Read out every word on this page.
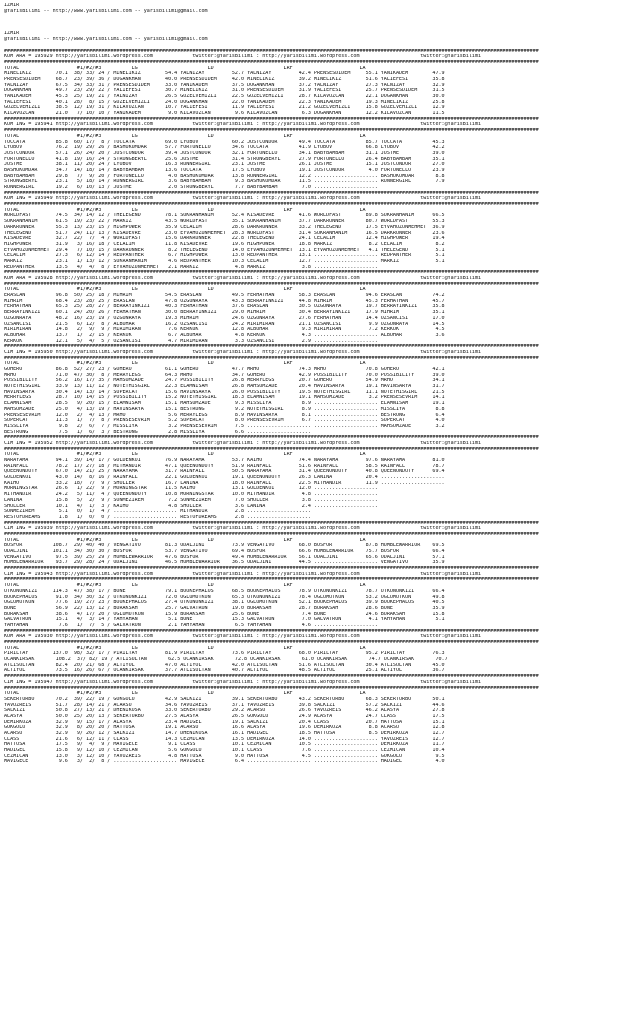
IZMIR
@YarisBilimi -- http://www.yarisbilimi.com -- yarisbilimi@gmail.com

IZMIR
@YarisBilimi -- http://www.yarisbilimi.com -- yarisbilimi@gmail.com

################################################################################################################################################################################
KUM ARA = 195929 http://yarisbilimi.wordpress.com             twitter:@YarisBilimi : http://yarisbilimi.wordpress.com                    twitter:@YarisBilimi
################################################################################################################################################################################
TOTAL                   #1/#2/#3          LG                       LD                       LRF                      LA
MINELIKIZ        70.1  38/ 33/ 24 / MINELIKIZ        54.4 YALNIZAY         52.7 YALNIZAY         42.4 PRENSESDIDEM     55.1 YANIKADEM        47.9
PRENSESDIDEM     68.7  23/ 39/ 36 / DOGANKHAN        40.0 PRENSESDIDEM     42.0 MINELIKIZ        39.2 MINELIKIZ        51.6 YALIEFESI        35.8
YALNIZAY         67.5  34/ 33/ 31 / PRENSESDIDEM     33.0 YANIKADEM        37.5 DOGANKHAN        37.2 YALNIZAY         27.3 YALNIZAY         32.9
DOGANKHAN        49.7  23/ 29/ 22 / YALIEFESI        30.7 MINELIKIZ        31.0 PRENSESDIDEM     31.9 YALIEFESI        25.7 PRENSESDIDEM     31.5
YANIKADEM        45.3  25/ 19/ 21 / YALNIZAY         26.5 GUZELVEHIZLI     22.5 GUZELVEHIZLI     28.7 KILAVUZCAN       22.1 DOGANKHAN        30.0
YALIEFESI        40.1  28/  8/ 15 / GUZELVEHIZLI     24.0 DOGANKHAN        22.0 YANIKADEM        22.3 YANIKADEM        19.3 MINELIKIZ        25.8
GUZELVEHIZLI     38.5  12/ 19/ 31 / KILAVUZCAN       10.7 YALIEFESI        11.9 YALIEFESI        21.2 GUZELVEHIZLI     15.8 GUZELVEHIZLI     12.9
KILAVUZCAN       21.0   7/ 10/ 10 / YANIKADEM         9.0 KILAVUZCAN        9.6 KILAVUZCAN        6.3 DOGANKHAN        12.2 KILAVUZCAN       11.5
################################################################################################################################################################################
KUM ING = 195941 http://yarisbilimi.wordpress.com             twitter:@YarisBilimi : http://yarisbilimi.wordpress.com                    twitter:@YarisBilimi
################################################################################################################################################################################
TOTAL                   #1/#2/#3          LG                       LD                       LRF                      LA
TOCCATA          85.8  60/ 17/  8 / TOCCATA          69.0 LYUBOV           60.2 JUSTCONDOR       49.4 TOCCATA          85.7 TOCCATA          45.3
LYUBOV           76.2  19/ 29/ 26 / BASHUKUMDAR      57.7 FORTUNELLO       34.6 TOCCATA          41.9 LYUBOV           66.8 LYUBOV           42.2
JUSTCONDOR       57.1  26/ 24/ 20 / JUSTCONDOR       39.4 JUSTCONDOR       32.1 FORTUNELLO       34.1 BABYBAMBAM       31.1 JUSTME           39.0
FORTUNELLO       41.8  19/ 16/ 24 / STRONGBERYL      25.6 JUSTME           31.4 STRONGBERYL      27.9 FORTUNELLO       26.4 BABYBAMBAM       35.1
JUSTME           38.1  11/ 20/ 24 / LYUBOV           16.3 RUNNERGIRL       23.1 JUSTME           26.1 JUSTME           15.1 JUSTCONDOR       27.0
BASHUKUMDAR      34.7  14/ 18/ 14 / BABYBAMBAM       13.6 TOCCATA          17.5 LYUBOV           19.1 JUSTCONDOR        4.0 FORTUNELLO       23.9
BABYBAMBAM       29.8   7/  9/ 20 / FORTUNELLO        4.0 BASHUKUMDAR      13.8 RUNNERGIRL       12.2 ..................... BASHUKUMDAR       8.8
STRONGBERYL      23.1   5/ 18/ 14 / RUNNERGIRL        3.6 BABYBAMBAM        9.3 BASHUKUMDAR      11.5 ..................... RUNNERGIRL        7.9
RUNNERGIRL       19.2   6/ 10/ 13 / JUSTME            2.0 STRONGBERYL       7.7 BABYBAMBAM        7.0 .....................
################################################################################################################################################################################
KUM ING = 195949 http://yarisbilimi.wordpress.com             twitter:@YarisBilimi : http://yarisbilimi.wordpress.com                    twitter:@YarisBilimi
################################################################################################################################################################################
TOTAL                   #1/#2/#3          LG                       LD                       LRF                      LA
WORLDFAST        74.5  34/ 14/ 12 / THELEGEND        78.1 SUKRANHANIM      52.4 KISADEVRE        41.6 WORLDFAST        89.8 SUKRANHANIM      66.5
SUKRANHANIM      61.5  19/ 23/ 22 / MARKIZ           43.5 WORLDFAST        35.1 SUKRANHANIM      37.7 DARKRUNNER       80.7 WORLDFAST        55.3
DARKRUNNER       55.3  13/ 23/ 15 / HIGHPOWER        35.9 CELALIM          28.6 DARKRUNNER       33.2 THELEGEND        17.5 EYVAHUZUNMEHMET  36.9
THELEGEND        51.7  24/ 11/ 13 / KISADEVRE        23.0 EYVAHUZUNMEHMET  28.3 WORLDFAST        31.4 SUKRANHANIM      16.5 DARKRUNNER       23.6
KISADEVRE        32.7  22/  7/  4 / WORLDFAST        15.6 DARKRUNNER       22.8 THELEGEND        24.1 CELALIM          12.4 HIGHPOWER        19.4
HIGHPOWER        31.9   3/ 16/ 18 / CELALIM          11.8 KISADEVRE        19.6 HIGHPOWER        18.8 MARKIZ            8.2 CELALIM           8.2
EYVAHUZUNMEHMET  29.4   7/ 10/ 15 / DARKRUNNER        8.2 THELEGEND        14.0 EYVAHUZUNMEHMET  13.1 EYVAHUZUNMEHMET   4.1 THELEGEND         5.1
CELALIM          27.3   6/ 12/ 14 / REDPANTHER        6.7 HIGHPOWER        13.0 REDPANTHER       13.1 ..................... REDPANTHER        5.1
MARKIZ           23.1   1/ 13/ 12 / SUKRANHANIM       4.6 REDPANTHER       10.3 CELALIM          12.7 ..................... MARKIZ            5.1
REDPANTHER       13.5   4/  4/  8 / EYVAHUZUNMEHMET   2.1 MARKIZ            4.8 MARKIZ            3.8 .....................
################################################################################################################################################################################
KUM ARA = 195928 http://yarisbilimi.wordpress.com             twitter:@YarisBilimi : http://yarisbilimi.wordpress.com                    twitter:@YarisBilimi
################################################################################################################################################################################
TOTAL                   #1/#2/#3          LG                       LD                       LRF                      LA
ERASLAN          96.8  50/ 25/ 18 / MIHRIM           54.5 ERASLAN          49.5 FERHATHAN        58.3 ERASLAN          94.6 ERASLAN          74.2
MIHRIM           68.4  23/ 28/ 25 / ERASLAN          47.8 OZGUNRAYA        43.3 BERRAYINKIZI     44.8 MIHRIM           45.3 FERHATHAN        45.7
FERHATHAN        65.3  25/ 28/ 27 / BERRAYINKIZI     40.3 FERHATHAN        37.6 ERASLAN          30.5 OZGUNRAYA        19.7 BERRAYINKIZI     35.8
BERRAYINKIZI     60.1  24/ 20/ 26 / FERHATHAN        30.0 BERRAYINKIZI     29.0 MIHRIM           30.4 BERRAYINKIZI     17.9 MIHRIM           35.1
OZGUNRAYA        48.2  16/ 23/ 19 / OZGUNRAYA        19.3 MIHRIM           24.6 OZGUNRAYA        27.6 FERHATHAN        14.4 OZSANCISI        17.0
OZSANCISI        21.5   6/ 12/  8 / ALBUHAR          16.2 OZSANCISI        24.2 MIRIMIRAN        21.1 OZSANCISI         9.9 OZGUNRAYA        14.5
MIRIMIRAN        14.8   2/  9/  9 / MIRIMIRAN         7.6 KERKUK           12.8 ALBUHAR           9.3 MIRIMIRAN         7.2 KERKUK            4.5
ALBUHAR          13.7   1/  2/ 15 / KERKUK            6.7 ALBUHAR           4.8 KERKUK            4.3 ..................... ALBUHAR           3.6
KERKUK           12.1   5/  4/  5 / OZSANCISI         4.7 MIRIMIRAN         3.3 OZSANCISI         2.9 .....................
################################################################################################################################################################################
CIM ING = 195950 http://yarisbilimi.wordpress.com             twitter:@YarisBilimi : http://yarisbilimi.wordpress.com                    twitter:@YarisBilimi
################################################################################################################################################################################
TOTAL                   #1/#2/#3          LG                       LD                       LRF                      LA
GOHERO           86.8  52/ 27/ 23 / GOHERO           61.1 GOHERO           47.7 MRHO             74.3 MRHO             70.8 GOHERO           42.1
MRHO             71.0  47/ 30/  8 / MERRYLEGS        64.3 MRHO             34.7 GOHERO           42.9 POSSIBILITY      70.0 POSSIBILITY      39.0
POSSIBILITY      56.2  16/ 17/ 35 / MAHSUMZADE       24.7 POSSIBILITY      26.8 MERRYLEGS        20.7 GOHERO           54.9 MRHO             34.1
NOTETHISGIRL     33.9  13/ 11/ 12 / NOTETHISGIRL     22.3 ELAMNISAM        26.8 MAHSUMZADE       20.4 HAVINSARYA       19.1 HAVINSARYA       31.7
HAVINSARYA       30.4  14/ 13/ 14 / SUPERCAT         15.6 HAVINSARYA       26.0 POSSIBILITY      19.5 NOTETHISGIRL     11.1 NOTETHISGIRL     21.5
MERRYLEGS        28.7  10/ 14/ 15 / POSSIBILITY      15.2 NOTETHISGIRL     18.3 ELAMNISAM        19.1 MAHSUMZADE        3.2 PRENSESEVRIM     14.1
ELAMNISAM        28.5   9/ 20/ 15 / ELAMNISAM        15.1 MAHSUMZADE        9.3 MISSLIYA          8.9 ..................... ELAMNISAM        19.1
MAHSUMZADE       25.0   4/ 13/ 19 / HAVINSARYA       15.1 BESTRONG          9.2 NOTETHISGIRL      8.9 ..................... MISSLIYA          8.8
PRENSESEVRIM     12.0   2/  4/ 13 / MRHO              5.6 MERRYLEGS         8.9 HAVINSARYA        8.1 ..................... BESTRONG          6.4
SUPERCAT         11.3   1/  7/  8 / PRENSESEVRIM      5.2 SUPERCAT          8.0 PRENSESEVRIM      6.7 ..................... SUPERCAT          4.0
MISSLIYA          9.8   2/  6/  7 / MISSLIYA          3.2 PRENSESEVRIM      7.5 ..................... ..................... MAHSUMZADE        3.2
BESTRONG          7.5   1/  6/  3 / BESTRONG          2.8 MISSLIYA          6.6 .....................
################################################################################################################################################################################
CIM ING = 195952 http://yarisbilimi.wordpress.com             twitter:@YarisBilimi : http://yarisbilimi.wordpress.com                    twitter:@YarisBilimi
################################################################################################################################################################################
TOTAL                   #1/#2/#3          LG                       LD                       LRF                      LA
NARAYAMA         94.1  39/ 14/ 17 / GOLDENKOI        76.9 NARAYAMA         53.7 KAIHO            74.4 NARAYAMA         97.6 NARAYAMA         81.0
RAINFALL         78.2  17/ 27/ 18 / MITHANDIR        47.1 QUEENONDUTY      51.9 RAINFALL         51.6 RAINFALL         58.5 RAINFALL         78.7
QUEENONDUTY      67.0  14/ 21/ 25 / NARAYAMA         31.7 RAINFALL         50.5 NARAYAMA         31.4 QUEENONDUTY      40.8 QUEENONDUTY      69.4
GOLDENKOI        43.0  14/  8/ 16 / RAINFALL         22.1 GOLDENKOI        19.1 QUEENONDUTY      26.3 LANINA           20.4 .....................
KAIHO            33.2  18/  7/  9 / SHULLER          16.7 LANINA           18.0 RAINFALL         22.5 MITHANDIR        11.9 .....................
MORNINGSTAR      26.6   1/ 22/  9 / MORNINGSTAR      11.5 KAIHO            13.1 GOLDENKOI        12.0 .....................
MITHANDIR        24.2   5/ 11/  4 / QUEENONDUTY      10.8 MORNINGSTAR      10.0 MITHANDIR         4.8 .....................
LANINA           15.8   5/  2/  9 / SONMEZIREM        7.2 SONMEZIREM        7.0 SHULLER           3.8 .....................
SHULLER          10.1   4/  1/  3 / KAIHO             4.8 SHULLER           3.6 LANINA            2.4 .....................
SONMEZIREM        5.1   0/  1/  4 / ..................... MITHANDIR         2.8 .....................
RESTOFDREAMS      1.8   1/  0/  0 / ..................... RESTOFDREAMS      2.8 .....................
################################################################################################################################################################################
CIM ING = 195939 http://yarisbilimi.wordpress.com             twitter:@YarisBilimi : http://yarisbilimi.wordpress.com                    twitter:@YarisBilimi
################################################################################################################################################################################
TOTAL                   #1/#2/#3          LG                       LD                       LRF                      LA
BOSFOR          108.7  29/ 40/ 40 / VENGATIVO        81.3 ODALJINI         73.9 VENGATIVO        68.0 BOSFOR           87.8 HUMBLEWARRIOR    69.5
ODALJINI        101.1  34/ 30/ 30 / BOSFOR           53.7 VENGATIVO        69.4 BOSFOR           66.6 HUMBLEWARRIOR    75.7 BOSFOR           66.4
VENGATIVO        97.5  39/ 25/ 29 / HUMBLEWARRIOR    47.6 BOSFOR           49.4 HUMBLEWARRIOR    56.1 ODALJINI         65.6 ODALJINI         57.1
HUMBLEWARRIOR    93.7  29/ 28/ 24 / ODALJINI         46.5 HUMBLEWARRIOR    36.5 ODALJINI         44.5 ..................... VENGATIVO        35.9
################################################################################################################################################################################
CIM ING = 195943 http://yarisbilimi.wordpress.com             twitter:@YarisBilimi : http://yarisbilimi.wordpress.com                    twitter:@YarisBilimi
################################################################################################################################################################################
TOTAL                   #1/#2/#3          LG                       LD                       LRF                      LA
UTKUNUNKIZI     114.3  47/ 38/ 17 / BONE             79.1 BOUKEPHALOS      68.5 BOUKEPHALOS      78.9 UTKUNUNKIZI      78.7 UTKUNUNKIZI      66.4
BOUKEPHALOS      91.0  34/ 30/ 32 / UTKUNUNKIZI      72.0 OGLUMUTKUN       65.3 UTKUNUNKIZI      78.4 OGLUMUTKUN       53.2 OGLUMUTKUN       49.8
OGLUMUTKUN       77.6  19/ 27/ 23 / BOUKEPHALOS      27.4 UTKUNUNKIZI      38.1 OGLUMUTKUN       52.1 BOUKEPHALOS      39.9 BOUKEPHALOS      40.5
BONE             56.9  22/ 13/ 12 / BURAKSAH         25.7 GALVATRON        19.0 BURAKSAH         28.7 BURAKSAH         28.6 BONE             35.9
BURAKSAH         38.6   4/ 17/ 20 / OGLUMUTKUN       15.9 BURAKSAH         25.6 BONE              7.4 BONE             24.6 BURAKSAH         15.8
GALVATRON        15.1   4/  3/ 14 / YAHYAHAN          5.1 BONE             15.3 GALVATRON         7.0 GALVATRON         4.1 YAHYAHAN          5.1
YAHYAHAN          7.6   1/  7/  5 / GALVATRON         2.1 YAHYAHAN          6.5 YAHYAHAN          4.6 .....................
################################################################################################################################################################################
KUM ARA = 195930 http://yarisbilimi.wordpress.com             twitter:@YarisBilimi : http://yarisbilimi.wordpress.com                    twitter:@YarisBilimi
################################################################################################################################################################################
TOTAL                   #1/#2/#3          LG                       LD                       LRF                      LA
PIRILTAY        137.0  98/ 32/ 17 / PIRILTAY         81.9 PIRILTAY         73.6 PIRILTAY         68.0 PIRILTAY         95.2 PIRILTAY         76.3
UCANKIRSAK       108.2  37/ 82/ 19 / ATLISULTAN       62.5 UCANKIRSAK       72.8 UCANKIRSAK       61.0 UCANKIRSAK       74.7 UCANKIRSAK       70.7
ATLISULTAN       82.4  20/ 21/ 68 / ALTIYOL          47.0 ALTIYOL          42.0 ATLISULTAN       51.6 ATLISULTAN       30.4 ATLISULTAN       45.0
ALTIYOL          73.5  16/ 26/ 67 / UCANKIRSAK       37.7 ATLISULTAN       40.7 ALTIYOL          48.5 ALTIYOL          25.1 ALTIYOL          36.7
################################################################################################################################################################################
CIM ING = 195947 http://yarisbilimi.wordpress.com             twitter:@YarisBilimi : http://yarisbilimi.wordpress.com                    twitter:@YarisBilimi
################################################################################################################################################################################
TOTAL                   #1/#2/#3          LG                       LD                       LRF                      LA
SEKERTURBO       70.2  39/ 22/ 19 / GOKGOLU          42.9 SALKIZI          39.1 SEKERTURBO       43.2 SEKERTURBO       68.3 SEKERTURBO       50.1
YAVUZREIS        51.7  28/ 14/ 21 / ACARSU           34.6 YAVUZREIS        37.1 YAVUZREIS        39.8 SALKIZI          57.2 SALKIZI          44.6
SALKIZI          50.8  27/ 13/ 21 / DHENIKOSA        33.0 SEKERTURBO       29.2 ACARSU           26.6 YAVUZREIS        46.2 ALASYA           27.8
ALASYA           50.0  25/ 20/ 13 / SEKERTURBO       27.5 ALASYA           26.5 GOKGOLU          24.9 ALASYA           24.7 CLASS            17.5
DEMIRKOZA        32.9   9/ 15/ 17 / ALASYA           23.4 HADIGEL          19.1 SALKIZI          20.4 CLASS            20.7 HATTUSA          15.1
GOKGOLU          32.9   8/ 20/ 20 / HATTUSA          19.1 ACARSU           16.6 ALASYA           19.6 DEMIRKOZA         8.8 ACARSU           12.8
ACARSU           32.9   9/ 26/ 12 / SALKIZI          14.7 DHENIKOSA        16.1 HADIGEL          18.5 HATTUSA           8.5 DEMIRKOZA        12.7
CLASS            21.6   6/ 12/ 11 / CLASS            14.3 CEZMICAN         13.5 DEMIRKOZA        14.0 ..................... YAVUZREIS        12.7
HATTUSA          17.5   9/  4/  9 / MAVIGECE          9.1 CLASS            10.1 CEZMICAN         10.5 ..................... DEMIRKOZA        11.7
HADIGEL          15.8   9/ 12/ 10 / CEZMICAN          5.6 GOKGOLU          10.1 CLASS             7.6 ..................... CEZMICAN         10.4
CEZMICAN         13.0   3/ 12/ 10 / YAVUZREIS         4.8 HATTUSA           9.0 HATTUSA           4.5 ..................... GOKGOLU           9.5
MAVIGECE          9.6   3/  2/  8 / ..................... MAVIGECE          6.4 ..................... ..................... HADIGEL           4.0
